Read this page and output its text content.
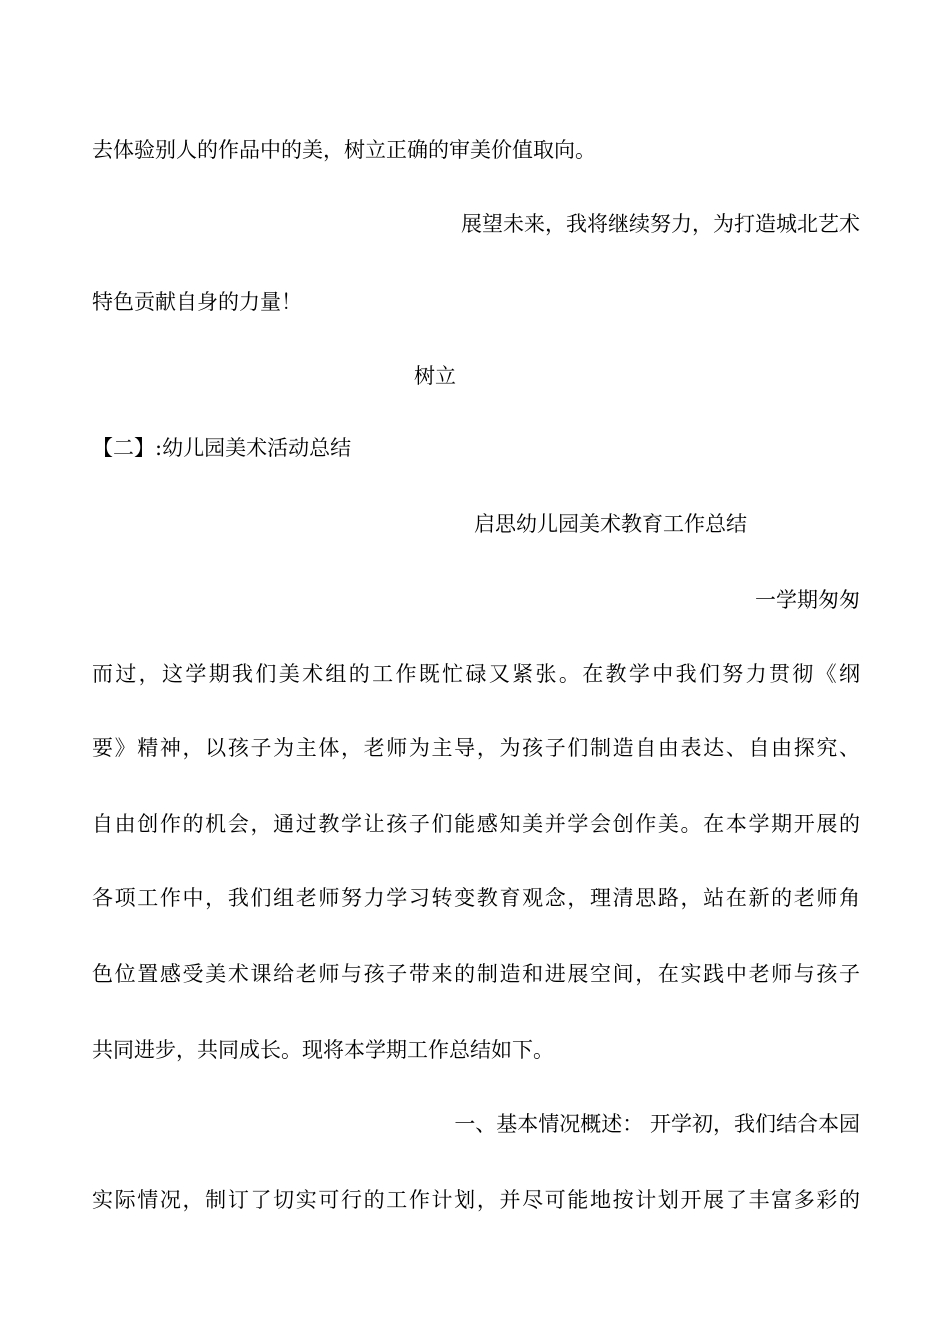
去体验别人的作品中的美，树立正确的审美价值取向。
展望未来，我将继续努力，为打造城北艺术
特色贡献自身的力量！
树立
【二】:幼儿园美术活动总结
启思幼儿园美术教育工作总结
一学期匆匆
而过，这学期我们美术组的工作既忙碌又紧张。在教学中我们努力贯彻《纲
要》精神，以孩子为主体，老师为主导，为孩子们制造自由表达、自由探究、
自由创作的机会，通过教学让孩子们能感知美并学会创作美。在本学期开展的
各项工作中，我们组老师努力学习转变教育观念，理清思路，站在新的老师角
色位置感受美术课给老师与孩子带来的制造和进展空间，在实践中老师与孩子
共同进步，共同成长。现将本学期工作总结如下。
一、基本情况概述： 开学初，我们结合本园
实际情况，制订了切实可行的工作计划，并尽可能地按计划开展了丰富多彩的
